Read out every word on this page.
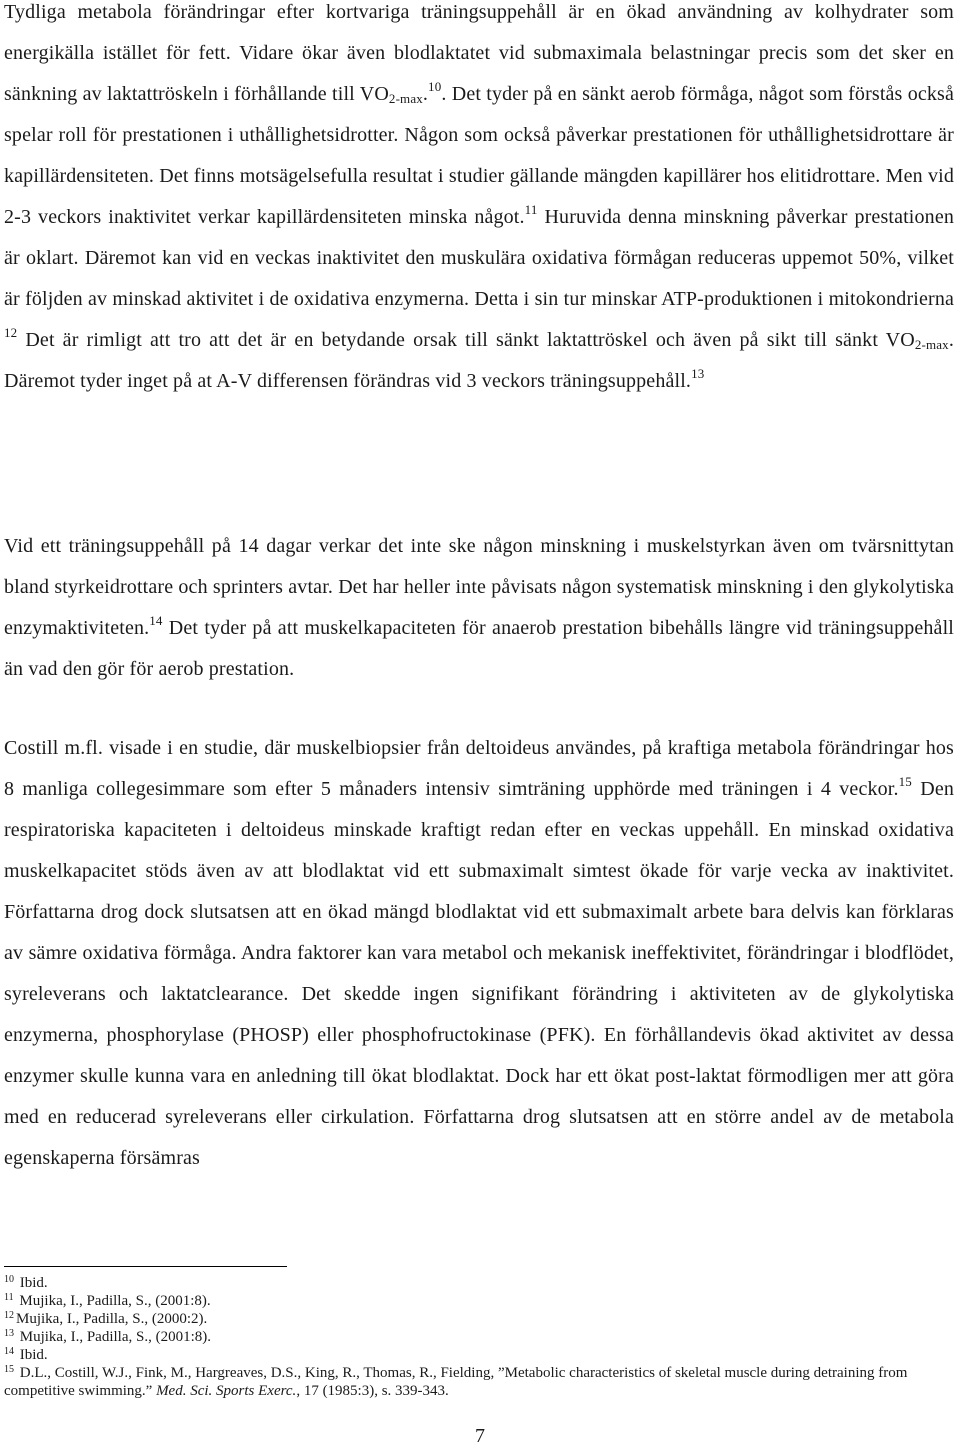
Tydliga metabola förändringar efter kortvariga träningsuppehåll är en ökad användning av kolhydrater som energikälla istället för fett. Vidare ökar även blodlaktatet vid submaximala belastningar precis som det sker en sänkning av laktattröskeln i förhållande till $VO_{2-max}.^{10}$. Det tyder på en sänkt aerob förmåga, något som förstås också spelar roll för prestationen i uthållighetsidrotter. Någon som också påverkar prestationen för uthållighetsidrottare är kapillärdensiteten. Det finns motsägelsefulla resultat i studier gällande mängden kapillärer hos elitidrottare. Men vid 2-3 veckors inaktivitet verkar kapillärdensiteten minska något.$^{11}$ Huruvida denna minskning påverkar prestationen är oklart. Däremot kan vid en veckas inaktivitet den muskulära oxidativa förmågan reduceras uppemot 50%, vilket är följden av minskad aktivitet i de oxidativa enzymerna. Detta i sin tur minskar ATP-produktionen i mitokondrierna $^{12}$ Det är rimligt att tro att det är en betydande orsak till sänkt laktattröskel och även på sikt till sänkt $VO_{2-max}$. Däremot tyder inget på at A-V differensen förändras vid 3 veckors träningsuppehåll.$^{13}$

Vid ett träningsuppehåll på 14 dagar verkar det inte ske någon minskning i muskelstyrkan även om tvärsnittytan bland styrkeidrottare och sprinters avtar. Det har heller inte påvisats någon systematisk minskning i den glykolytiska enzymaktiviteten.$^{14}$ Det tyder på att muskelkapaciteten för anaerob prestation bibehålls längre vid träningsuppehåll än vad den gör för aerob prestation.

Costill m.fl. visade i en studie, där muskelbiopsier från deltoideus användes, på kraftiga metabola förändringar hos 8 manliga collegesimmare som efter 5 månaders intensiv simträning upphörde med träningen i 4 veckor.$^{15}$ Den respiratoriska kapaciteten i deltoideus minskade kraftigt redan efter en veckas uppehåll. En minskad oxidativa muskelkapacitet stöds även av att blodlaktat vid ett submaximalt simtest ökade för varje vecka av inaktivitet. Författarna drog dock slutsatsen att en ökad mängd blodlaktat vid ett submaximalt arbete bara delvis kan förklaras av sämre oxidativa förmåga. Andra faktorer kan vara metabol och mekanisk ineffektivitet, förändringar i blodflödet, syreleverans och laktatclearance. Det skedde ingen signifikant förändring i aktiviteten av de glykolytiska enzymerna, phosphorylase (PHOSP) eller phosphofructokinase (PFK). En förhållandevis ökad aktivitet av dessa enzymer skulle kunna vara en anledning till ökat blodlaktat. Dock har ett ökat post-laktat förmodligen mer att göra med en reducerad syreleverans eller cirkulation. Författarna drog slutsatsen att en större andel av de metabola egenskaperna försämras

$^{10}$ Ibid.

$^{11}$ Mujika, I., Padilla, S., (2001:8).

$^{12}$ Mujika, I., Padilla, S., (2000:2).

$^{13}$ Mujika, I., Padilla, S., (2001:8).

$^{14}$ Ibid.

$^{15}$ D.L., Costill, W.J., Fink, M., Hargreaves, D.S., King, R., Thomas, R., Fielding, ”Metabolic characteristics of skeletal muscle during detraining from competitive swimming.” Med. Sci. Sports Exerc., 17 (1985:3), s. 339-343.

7
